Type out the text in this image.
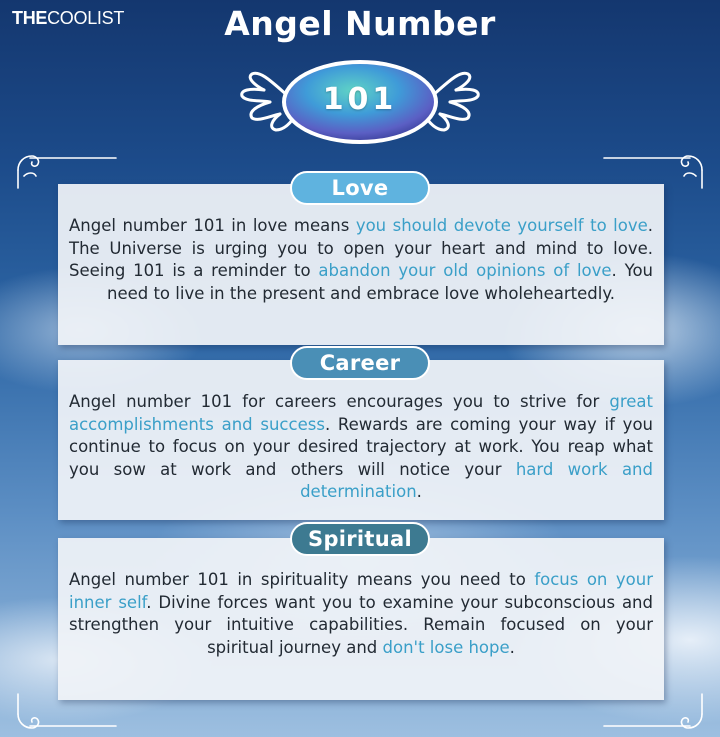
THECOOLIST	Angel Number
101

Angel number 101 in love means you should devote yourself to love. The Universe is urging you to open your heart and mind to love. Seeing 101 is a reminder to abandon your old opinions of love. You need to live in the present and embrace love wholeheartedly.

Love

Angel number 101 for careers encourages you to strive for great accomplishments and success. Rewards are coming your way if you continue to focus on your desired trajectory at work. You reap what you sow at work and others will notice your hard work and determination.

Career

Angel number 101 in spirituality means you need to focus on your inner self. Divine forces want you to examine your subconscious and strengthen your intuitive capabilities. Remain focused on your spiritual journey and don't lose hope.

Spiritual
